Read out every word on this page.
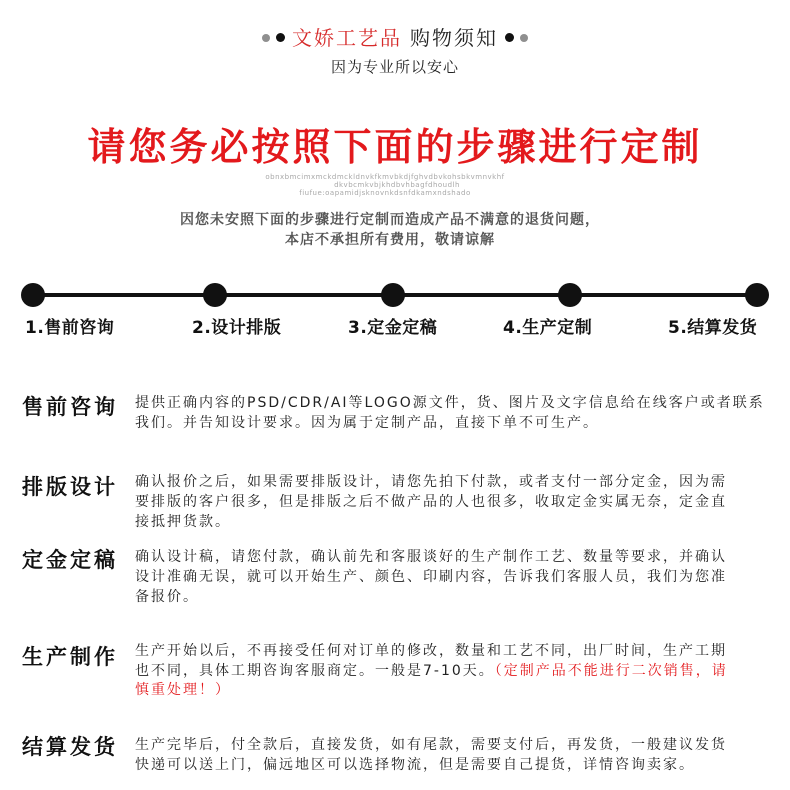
文娇工艺品 购物须知
因为专业所以安心
请您务必按照下面的步骤进行定制
obnxbmcimxmckdmckldnvkfkmvbkdjfghvdbvkohsbkvmnvkhf
dkvbcmkvbjkhdbvhbagfdhoudlh
fiufue:oapamidjsknovnkdsnfdkamxndshado
因您未安照下面的步骤进行定制而造成产品不满意的退货问题，
本店不承担所有费用，敬请谅解
1.售前咨询	2.设计排版	3.定金定稿	4.生产定制	5.结算发货
售前咨询 提供正确内容的PSD/CDR/AI等LOGO源文件，货、图片及文字信息给在线客户或者联系
我们。并告知设计要求。因为属于定制产品，直接下单不可生产。
排版设计 确认报价之后，如果需要排版设计，请您先拍下付款，或者支付一部分定金，因为需
要排版的客户很多，但是排版之后不做产品的人也很多，收取定金实属无奈，定金直
接抵押货款。
定金定稿 确认设计稿，请您付款，确认前先和客服谈好的生产制作工艺、数量等要求，并确认
设计准确无误，就可以开始生产、颜色、印刷内容，告诉我们客服人员，我们为您准
备报价。
生产制作 生产开始以后，不再接受任何对订单的修改，数量和工艺不同，出厂时间，生产工期
也不同，具体工期咨询客服商定。一般是7-10天。（定制产品不能进行二次销售，请
慎重处理！）
结算发货 生产完毕后，付全款后，直接发货，如有尾款，需要支付后，再发货，一般建议发货
快递可以送上门，偏远地区可以选择物流，但是需要自己提货，详情咨询卖家。
